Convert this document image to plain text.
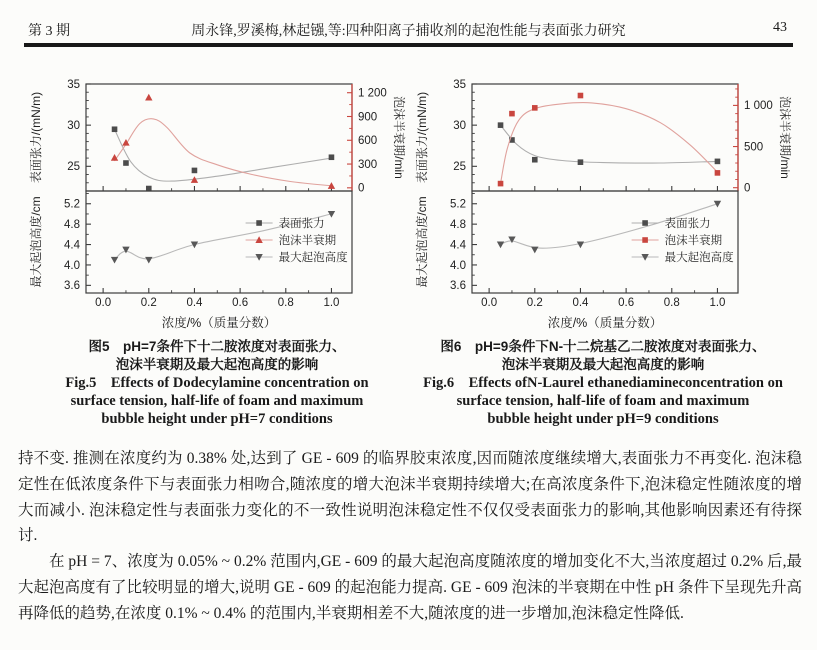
第 3 期	周永锋,罗溪梅,林起镪,等:四种阳离子捕收剂的起泡性能与表面张力研究	43
25
30
35
表面张力/(mN/m)
0
300
600
900
1 200
泡沫半衰期/min
3.6
4.0
4.4
4.8
5.2
最大起泡高度/cm
0.0	0.2	0.4	0.6	0.8	1.0
表面张力
泡沫半衰期
最大起泡高度
浓度/%（质量分数）
图5　pH=7条件下十二胺浓度对表面张力、
泡沫半衰期及最大起泡高度的影响
Fig.5　Effects of Dodecylamine concentration on
surface tension, half-life of foam and maximum
bubble height under pH=7 conditions
25
30
35
表面张力/(mN/m)
0
500
1 000 泡沫半衰期/min
3.6
4.0
4.4
4.8
5.2
最大起泡高度/cm
0.0	0.2	0.4	0.6	0.8	1.0
表面张力
泡沫半衰期
最大起泡高度
浓度/%（质量分数）
图6　pH=9条件下N-十二烷基乙二胺浓度对表面张力、
泡沫半衰期及最大起泡高度的影响
Fig.6　Effects ofN-Laurel ethanediamineconcentration on
surface tension, half-life of foam and maximum
bubble height under pH=9 conditions

持不变. 推测在浓度约为 0.38% 处,达到了 GE - 609 的临界胶束浓度,因而随浓度继续增大,表面张力不再变化. 泡沫稳定性在低浓度条件下与表面张力相吻合,随浓度的增大泡沫半衰期持续增大;在高浓度条件下,泡沫稳定性随浓度的增大而减小. 泡沫稳定性与表面张力变化的不一致性说明泡沫稳定性不仅仅受表面张力的影响,其他影响因素还有待探讨.

在 pH = 7、浓度为 0.05% ~ 0.2% 范围内,GE - 609 的最大起泡高度随浓度的增加变化不大,当浓度超过 0.2% 后,最大起泡高度有了比较明显的增大,说明 GE - 609 的起泡能力提高. GE - 609 泡沫的半衰期在中性 pH 条件下呈现先升高再降低的趋势,在浓度 0.1% ~ 0.4% 的范围内,半衰期相差不大,随浓度的进一步增加,泡沫稳定性降低.
